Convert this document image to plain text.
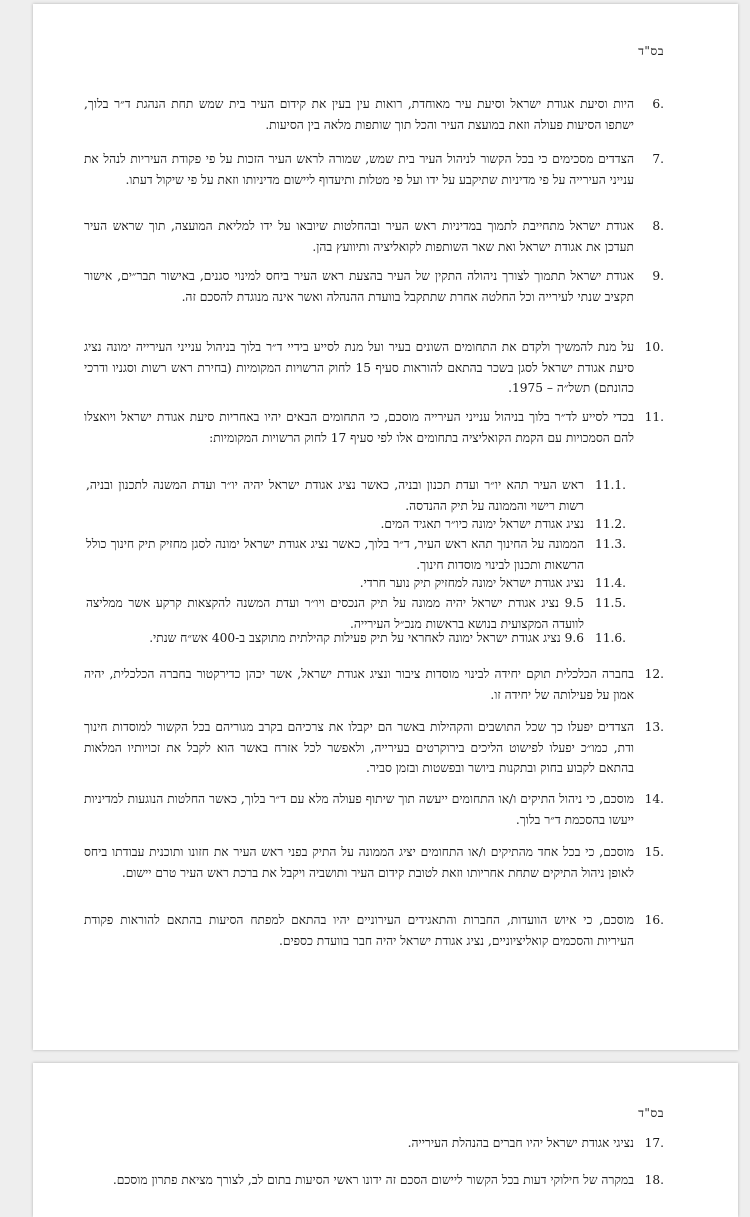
בס"ד
6.
היות וסיעת אגודת ישראל וסיעת עיר מאוחדת, רואות עין בעין את קידום העיר בית שמש תחת הנהגת ד״ר בלוך, ישתפו הסיעות פעולה וזאת במועצת העיר והכל תוך שותפות מלאה בין הסיעות.
7.
הצדדים מסכימים כי בכל הקשור לניהול העיר בית שמש, שמורה לראש העיר הזכות על פי פקודת העיריות לנהל את ענייני העירייה על פי מדיניות שתיקבע על ידו ועל פי מטלות ותיעדוף ליישום מדיניותו וזאת על פי שיקול דעתו.
8.
אגודת ישראל מתחייבת לתמוך במדיניות ראש העיר ובהחלטות שיובאו על ידו למליאת המועצה, תוך שראש העיר תעדכן את אגודת ישראל ואת שאר השותפות לקואליציה ותיוועץ בהן.
9.
אגודת ישראל תתמוך לצורך ניהולה התקין של העיר בהצעת ראש העיר ביחס למינוי סגנים, באישור תבר״ים, אישור תקציב שנתי לעירייה וכל החלטה אחרת שתתקבל בוועדת ההנהלה ואשר אינה מנוגדת להסכם זה.
10.
על מנת להמשיך ולקדם את התחומים השונים בעיר ועל מנת לסייע בידיי ד״ר בלוך בניהול ענייני העירייה ימונה נציג סיעת אגודת ישראל לסגן בשכר בהתאם להוראות סעיף 15 לחוק הרשויות המקומיות (בחירת ראש רשות וסגניו ודרכי כהונתם) תשל״ה – 1975.
11.
בכדי לסייע לד״ר בלוך בניהול ענייני העירייה מוסכם, כי התחומים הבאים יהיו באחריות סיעת אגודת ישראל ויואצלו להם הסמכויות עם הקמת הקואליציה בתחומים אלו לפי סעיף 17 לחוק הרשויות המקומיות:
11.1.
ראש העיר תהא יו״ר ועדת תכנון ובניה, כאשר נציג אגודת ישראל יהיה יו״ר ועדת המשנה לתכנון ובניה, רשות רישוי והממונה על תיק ההנדסה.
11.2.
נציג אגודת ישראל ימונה כיו״ר תאגיד המים.
11.3.
הממונה על החינוך תהא ראש העיר, ד״ר בלוך, כאשר נציג אגודת ישראל ימונה לסגן מחזיק תיק חינוך כולל הרשאות ותכנון לבינוי מוסדות חינוך.
11.4.
נציג אגודת ישראל ימונה למחזיק תיק נוער חרדי.
11.5.
9.5 נציג אגודת ישראל יהיה ממונה על תיק הנכסים ויו״ר ועדת המשנה להקצאות קרקע אשר ממליצה לוועדה המקצועית בנושא בראשות מנכ״ל העירייה.
11.6.
9.6 נציג אגודת ישראל ימונה לאחראי על תיק פעילות קהילתית מתוקצב ב-400 אש״ח שנתי.
12.
בחברה הכלכלית תוקם יחידה לבינוי מוסדות ציבור ונציג אגודת ישראל, אשר יכהן כדירקטור בחברה הכלכלית, יהיה אמון על פעילותה של יחידה זו.
13.
הצדדים יפעלו כך שכל התושבים והקהילות באשר הם יקבלו את צרכיהם בקרב מגוריהם בכל הקשור למוסדות חינוך ודת, כמו״כ יפעלו לפישוט הליכים בירוקרטים בעירייה, ולאפשר לכל אזרח באשר הוא לקבל את זכויותיו המלאות בהתאם לקבוע בחוק ובתקנות ביושר ובפשטות ובזמן סביר.
14.
מוסכם, כי ניהול התיקים ו/או התחומים ייעשה תוך שיתוף פעולה מלא עם ד״ר בלוך, כאשר החלטות הנוגעות למדיניות ייעשו בהסכמת ד״ר בלוך.
15.
מוסכם, כי בכל אחד מהתיקים ו/או התחומים יציג הממונה על התיק בפני ראש העיר את חזונו ותוכנית עבודתו ביחס לאופן ניהול התיקים שתחת אחריותו וזאת לטובת קידום העיר ותושביה ויקבל את ברכת ראש העיר טרם יישום.
16.
מוסכם, כי איוש הוועדות, החברות והתאגידים העירוניים יהיו בהתאם למפתח הסיעות בהתאם להוראות פקודת העיריות והסכמים קואליציוניים, נציג אגודת ישראל יהיה חבר בוועדת כספים.
בס"ד
17.
נציגי אגודת ישראל יהיו חברים בהנהלת העירייה.
18.
במקרה של חילוקי דעות בכל הקשור ליישום הסכם זה ידונו ראשי הסיעות בתום לב, לצורך מציאת פתרון מוסכם.
